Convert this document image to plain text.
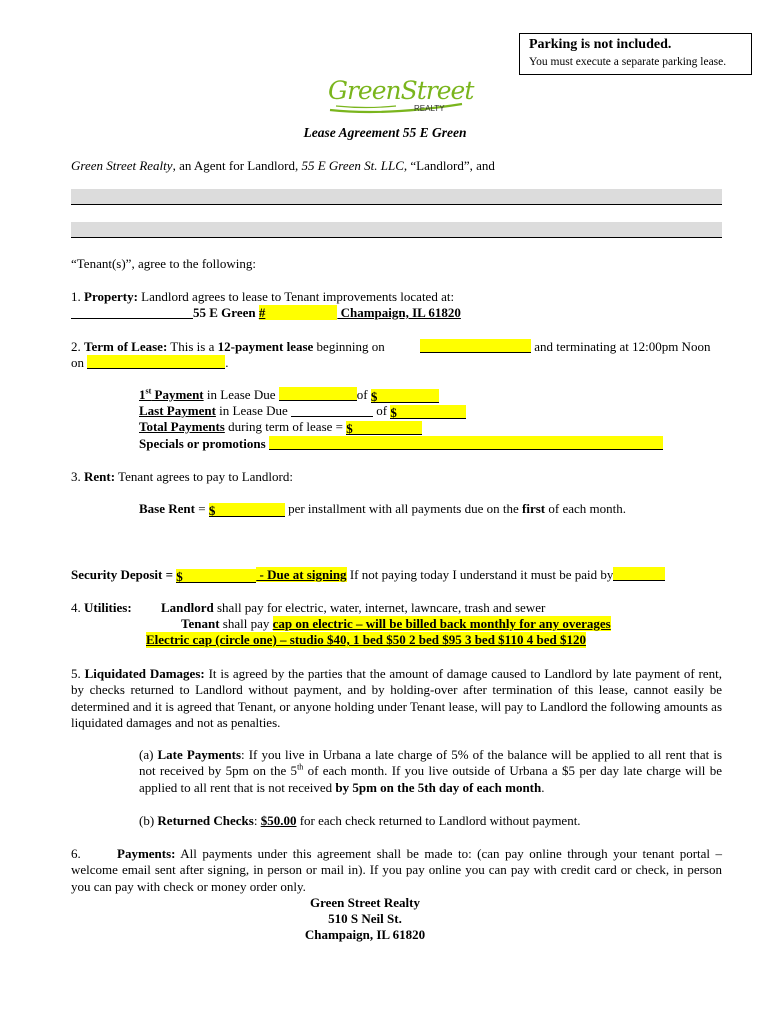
Parking is not included.
You must execute a separate parking lease.
GreenStreet
REALTY
Lease Agreement 55 E Green
Green Street Realty, an Agent for Landlord, 55 E Green St. LLC, “Landlord”, and
“Tenant(s)”, agree to the following:
1. Property: Landlord agrees to lease to Tenant improvements located at:
55 E Green #	Champaign, IL 61820
2. Term of Lease: This is a 12-payment lease beginning on	and terminating at 12:00pm Noon
on	.
1st Payment in Lease Due	of $
Last Payment in Lease Due	of $
Total Payments during term of lease = $
Specials or promotions
3. Rent: Tenant agrees to pay to Landlord:
Base Rent = $	per installment with all payments due on the first of each month.
Security Deposit = $	- Due at signing If not paying today I understand it must be paid by
4. Utilities: Landlord shall pay for electric, water, internet, lawncare, trash and sewer
Tenant shall pay cap on electric – will be billed back monthly for any overages
Electric cap (circle one) – studio $40, 1 bed $50 2 bed $95 3 bed $110 4 bed $120
5. Liquidated Damages: It is agreed by the parties that the amount of damage caused to Landlord by late payment of rent, by checks returned to Landlord without payment, and by holding-over after termination of this lease, cannot easily be determined and it is agreed that Tenant, or anyone holding under Tenant lease, will pay to Landlord the following amounts as liquidated damages and not as penalties.
(a) Late Payments: If you live in Urbana a late charge of 5% of the balance will be applied to all rent that is not received by 5pm on the 5th of each month. If you live outside of Urbana a $5 per day late charge will be applied to all rent that is not received by 5pm on the 5th day of each month.
(b) Returned Checks: $50.00 for each check returned to Landlord without payment.
6.	Payments: All payments under this agreement shall be made to: (can pay online through your tenant portal – welcome email sent after signing, in person or mail in). If you pay online you can pay with credit card or check, in person you can pay with check or money order only.
Green Street Realty
510 S Neil St.
Champaign, IL 61820
